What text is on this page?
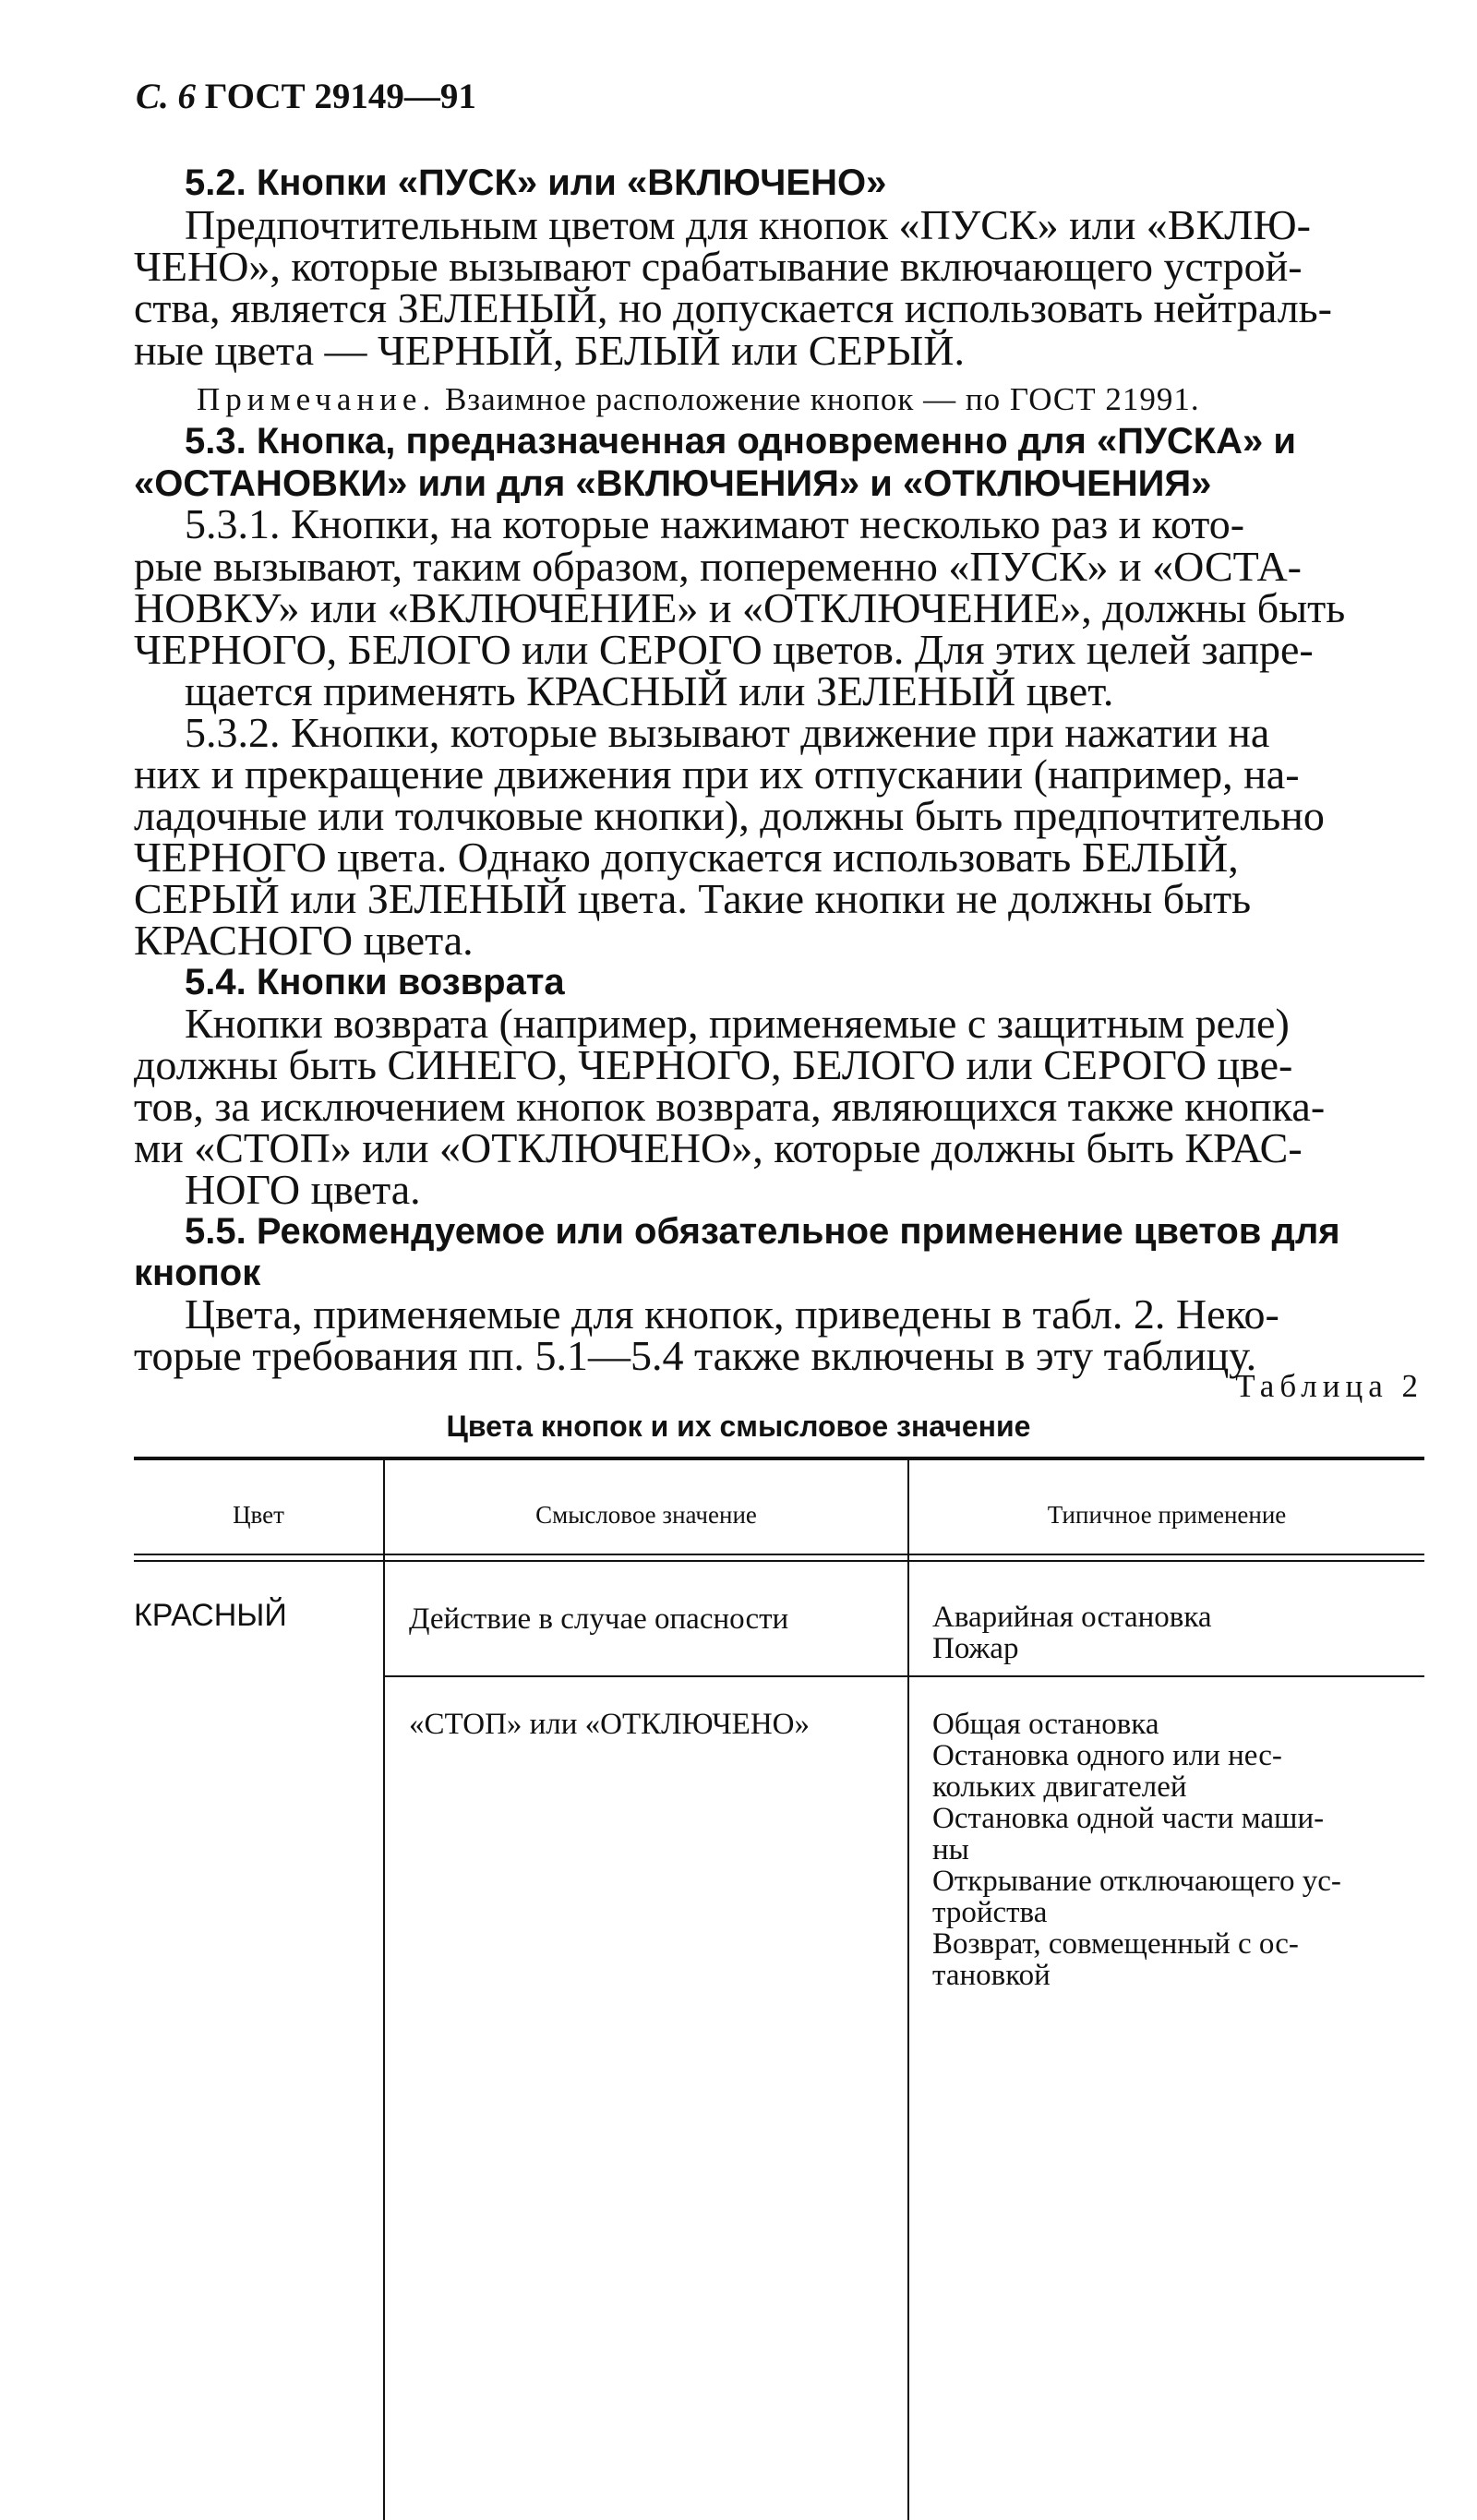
С. 6 ГОСТ 29149—91
5.2. Кнопки «ПУСК» или «ВКЛЮЧЕНО»
Предпочтительным цветом для кнопок «ПУСК» или «ВКЛЮ-
ЧЕНО», которые вызывают срабатывание включающего устрой-
ства, является ЗЕЛЕНЫЙ, но допускается использовать нейтраль-
ные цвета — ЧЕРНЫЙ, БЕЛЫЙ или СЕРЫЙ.
Примечание. Взаимное расположение кнопок — по ГОСТ 21991.
5.3. Кнопка, предназначенная одновременно для «ПУСКА» и
«ОСТАНОВКИ» или для «ВКЛЮЧЕНИЯ» и «ОТКЛЮЧЕНИЯ»
5.3.1. Кнопки, на которые нажимают несколько раз и кото-
рые вызывают, таким образом, попеременно «ПУСК» и «ОСТА-
НОВКУ» или «ВКЛЮЧЕНИЕ» и «ОТКЛЮЧЕНИЕ», должны быть
ЧЕРНОГО, БЕЛОГО или СЕРОГО цветов. Для этих целей запре-
щается применять КРАСНЫЙ или ЗЕЛЕНЫЙ цвет.
5.3.2. Кнопки, которые вызывают движение при нажатии на
них и прекращение движения при их отпускании (например, на-
ладочные или толчковые кнопки), должны быть предпочтительно
ЧЕРНОГО цвета. Однако допускается использовать БЕЛЫЙ,
СЕРЫЙ или ЗЕЛЕНЫЙ цвета. Такие кнопки не должны быть
КРАСНОГО цвета.
5.4. Кнопки возврата
Кнопки возврата (например, применяемые с защитным реле)
должны быть СИНЕГО, ЧЕРНОГО, БЕЛОГО или СЕРОГО цве-
тов, за исключением кнопок возврата, являющихся также кнопка-
ми «СТОП» или «ОТКЛЮЧЕНО», которые должны быть КРАС-
НОГО цвета.
5.5. Рекомендуемое или обязательное применение цветов для
кнопок
Цвета, применяемые для кнопок, приведены в табл. 2. Неко-
торые требования пп. 5.1—5.4 также включены в эту таблицу.
Таблица 2
Цвета кнопок и их смысловое значение
Цвет	Смысловое значение	Типичное применение
КРАСНЫЙ	Действие в случае опасности	Аварийная остановка
Пожар
«СТОП» или «ОТКЛЮЧЕНО»	Общая остановка
Остановка одного или нес-
кольких двигателей
Остановка одной части маши-
ны
Открывание отключающего ус-
тройства
Возврат, совмещенный с ос-
тановкой
